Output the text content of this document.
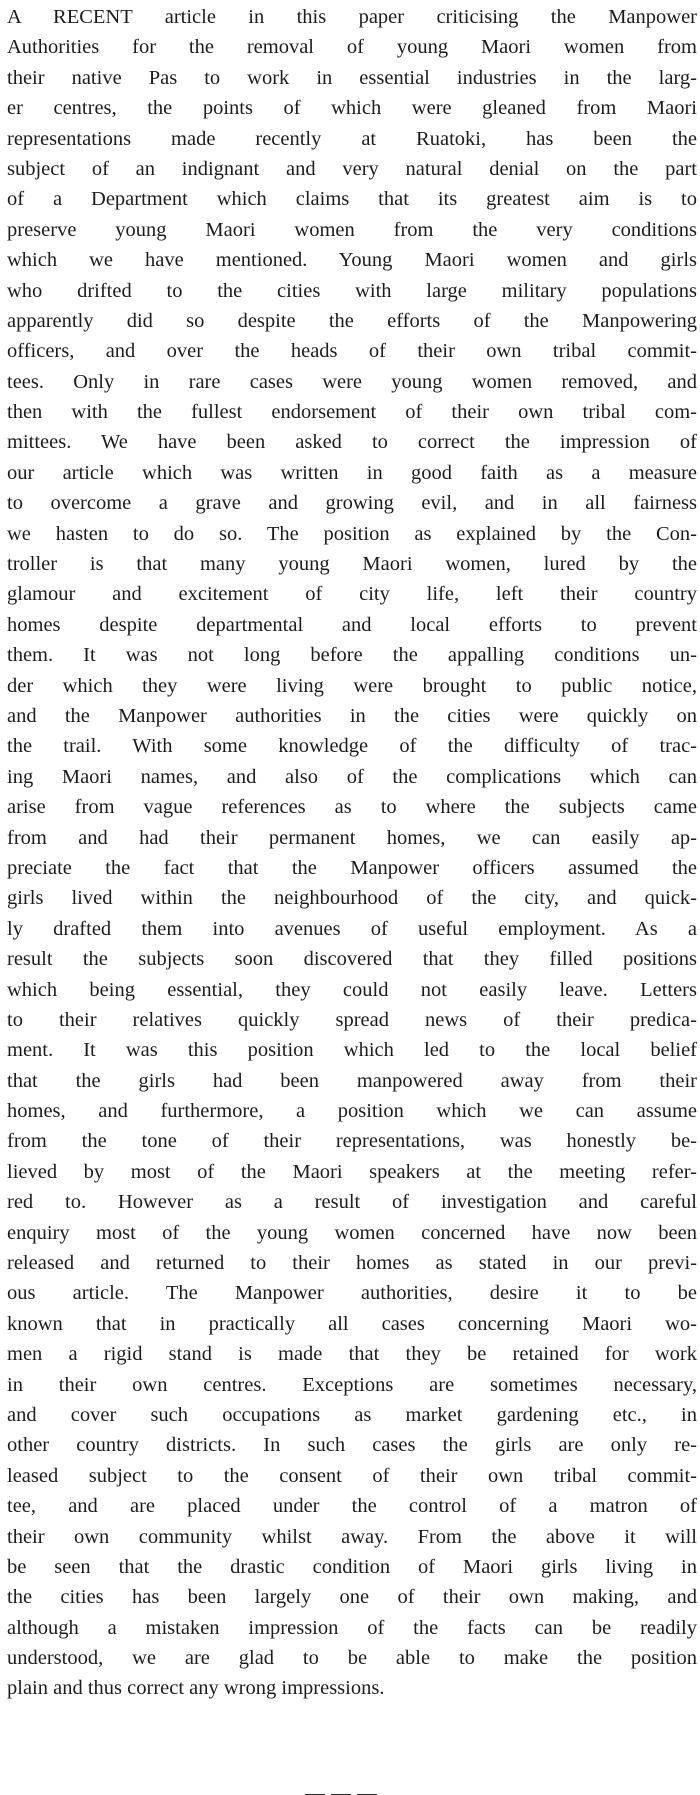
A RECENT article in this paper criticising the Manpower
Authorities for the removal of young Maori women from
their native Pas to work in essential industries in the larg-
er centres, the points of which were gleaned from Maori
representations made recently at Ruatoki, has been the
subject of an indignant and very natural denial on the part
of a Department which claims that its greatest aim is to
preserve young Maori women from the very conditions
which we have mentioned. Young Maori women and girls
who drifted to the cities with large military populations
apparently did so despite the efforts of the Manpowering
officers, and over the heads of their own tribal commit-
tees. Only in rare cases were young women removed, and
then with the fullest endorsement of their own tribal com-
mittees. We have been asked to correct the impression of
our article which was written in good faith as a measure
to overcome a grave and growing evil, and in all fairness
we hasten to do so. The position as explained by the Con-
troller is that many young Maori women, lured by the
glamour and excitement of city life, left their country
homes despite departmental and local efforts to prevent
them. It was not long before the appalling conditions un-
der which they were living were brought to public notice,
and the Manpower authorities in the cities were quickly on
the trail. With some knowledge of the difficulty of trac-
ing Maori names, and also of the complications which can
arise from vague references as to where the subjects came
from and had their permanent homes, we can easily ap-
preciate the fact that the Manpower officers assumed the
girls lived within the neighbourhood of the city, and quick-
ly drafted them into avenues of useful employment. As a
result the subjects soon discovered that they filled positions
which being essential, they could not easily leave. Letters
to their relatives quickly spread news of their predica-
ment. It was this position which led to the local belief
that the girls had been manpowered away from their
homes, and furthermore, a position which we can assume
from the tone of their representations, was honestly be-
lieved by most of the Maori speakers at the meeting refer-
red to. However as a result of investigation and careful
enquiry most of the young women concerned have now been
released and returned to their homes as stated in our previ-
ous article. The Manpower authorities, desire it to be
known that in practically all cases concerning Maori wo-
men a rigid stand is made that they be retained for work
in their own centres. Exceptions are sometimes necessary,
and cover such occupations as market gardening etc., in
other country districts. In such cases the girls are only re-
leased subject to the consent of their own tribal commit-
tee, and are placed under the control of a matron of
their own community whilst away. From the above it will
be seen that the drastic condition of Maori girls living in
the cities has been largely one of their own making, and
although a mistaken impression of the facts can be readily
understood, we are glad to be able to make the position
plain and thus correct any wrong impressions.
